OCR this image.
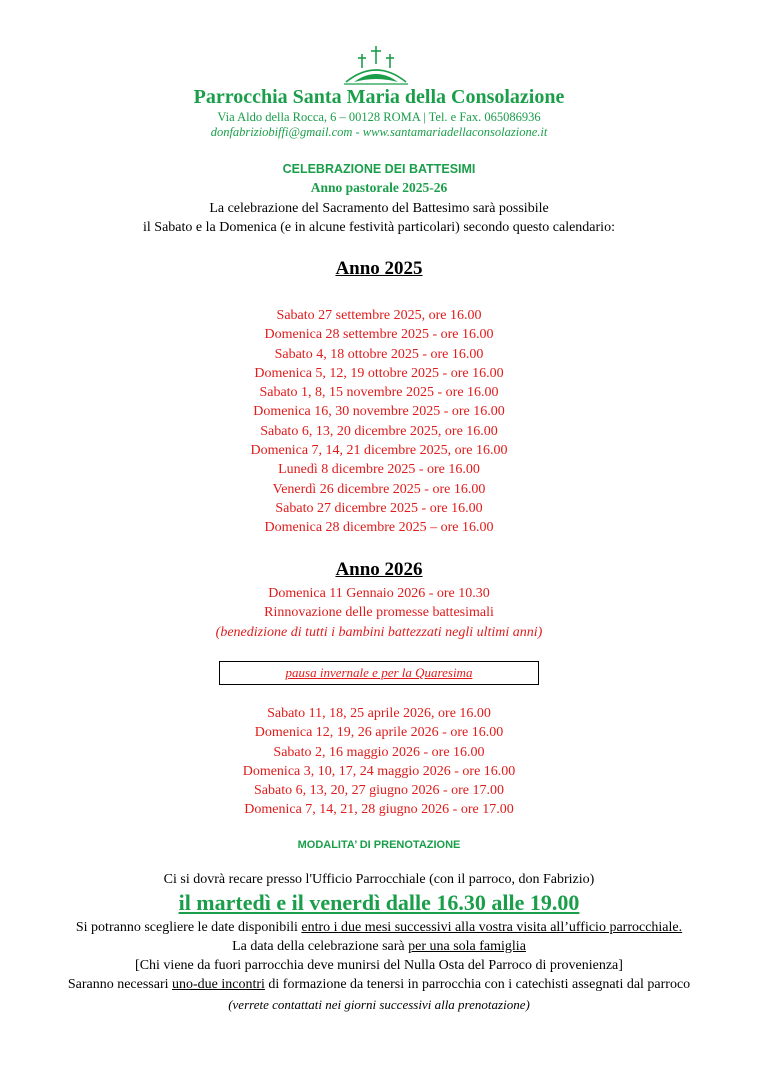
Parrocchia Santa Maria della Consolazione
Via Aldo della Rocca, 6 – 00128 ROMA | Tel. e Fax. 065086936
donfabriziobiffi@gmail.com - www.santamariadellaconsolazione.it
CELEBRAZIONE DEI BATTESIMI
Anno pastorale 2025-26
La celebrazione del Sacramento del Battesimo sarà possibile
il Sabato e la Domenica (e in alcune festività particolari) secondo questo calendario:
Anno 2025
Sabato 27 settembre 2025, ore 16.00
Domenica 28 settembre 2025 - ore 16.00
Sabato 4, 18 ottobre 2025 - ore 16.00
Domenica 5, 12, 19 ottobre 2025 - ore 16.00
Sabato 1, 8, 15 novembre 2025 - ore 16.00
Domenica 16, 30 novembre 2025 - ore 16.00
Sabato 6, 13, 20 dicembre 2025, ore 16.00
Domenica 7, 14, 21 dicembre 2025, ore 16.00
Lunedì 8 dicembre 2025 - ore 16.00
Venerdì 26 dicembre 2025 - ore 16.00
Sabato 27 dicembre 2025 - ore 16.00
Domenica 28 dicembre 2025 – ore 16.00
Anno 2026
Domenica 11 Gennaio 2026 - ore 10.30
Rinnovazione delle promesse battesimali
(benedizione di tutti i bambini battezzati negli ultimi anni)
pausa invernale e per la Quaresima
Sabato 11, 18, 25 aprile 2026, ore 16.00
Domenica 12, 19, 26 aprile 2026 - ore 16.00
Sabato 2, 16 maggio 2026 - ore 16.00
Domenica 3, 10, 17, 24 maggio 2026 - ore 16.00
Sabato 6, 13, 20, 27 giugno 2026 - ore 17.00
Domenica 7, 14, 21, 28 giugno 2026 - ore 17.00
MODALITA’ DI PRENOTAZIONE
Ci si dovrà recare presso l'Ufficio Parrocchiale (con il parroco, don Fabrizio)
il martedì e il venerdì dalle 16.30 alle 19.00
Si potranno scegliere le date disponibili entro i due mesi successivi alla vostra visita all’ufficio parrocchiale.
La data della celebrazione sarà per una sola famiglia
[Chi viene da fuori parrocchia deve munirsi del Nulla Osta del Parroco di provenienza]
Saranno necessari uno-due incontri di formazione da tenersi in parrocchia con i catechisti assegnati dal parroco
(verrete contattati nei giorni successivi alla prenotazione)
